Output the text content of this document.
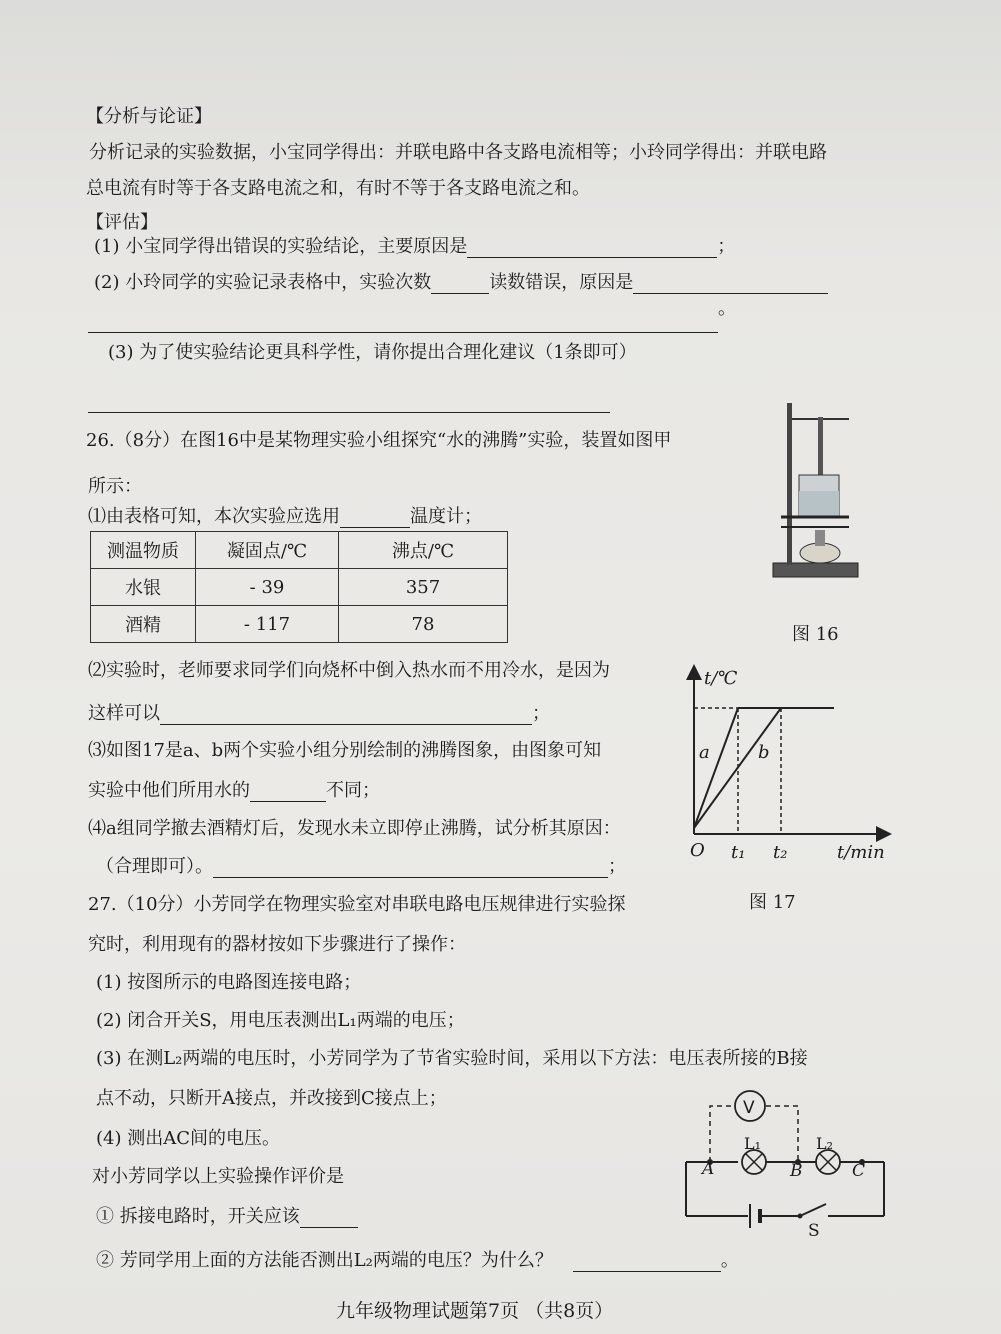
【分析与论证】
分析记录的实验数据，小宝同学得出：并联电路中各支路电流相等；小玲同学得出：并联电路
总电流有时等于各支路电流之和，有时不等于各支路电流之和。
【评估】
(1) 小宝同学得出错误的实验结论，主要原因是	；
(2) 小玲同学的实验记录表格中，实验次数	读数错误，原因是
。
(3) 为了使实验结论更具科学性，请你提出合理化建议（1条即可）
26.（8分）在图16中是某物理实验小组探究“水的沸腾”实验，装置如图甲
所示：
⑴由表格可知，本次实验应选用	温度计；
测温物质	凝固点/℃	沸点/℃
水银	- 39	357
酒精	- 117	78
⑵实验时，老师要求同学们向烧杯中倒入热水而不用冷水，是因为
这样可以	；
⑶如图17是a、b两个实验小组分别绘制的沸腾图象，由图象可知
实验中他们所用水的	不同；
⑷a组同学撤去酒精灯后，发现水未立即停止沸腾，试分析其原因：
（合理即可）。	；
图 16
t/℃
t/min
O t₁ t₂
a	b
图 17
27.（10分）小芳同学在物理实验室对串联电路电压规律进行实验探
究时，利用现有的器材按如下步骤进行了操作：
(1) 按图所示的电路图连接电路；
(2) 闭合开关S，用电压表测出L₁两端的电压；
(3) 在测L₂两端的电压时，小芳同学为了节省实验时间，采用以下方法：电压表所接的B接
点不动，只断开A接点，并改接到C接点上；
(4) 测出AC间的电压。
对小芳同学以上实验操作评价是
① 拆接电路时，开关应该
② 芳同学用上面的方法能否测出L₂两端的电压？为什么？	。
V
L₁	L₂
A	B	C
S
九年级物理试题第7页 （共8页）
